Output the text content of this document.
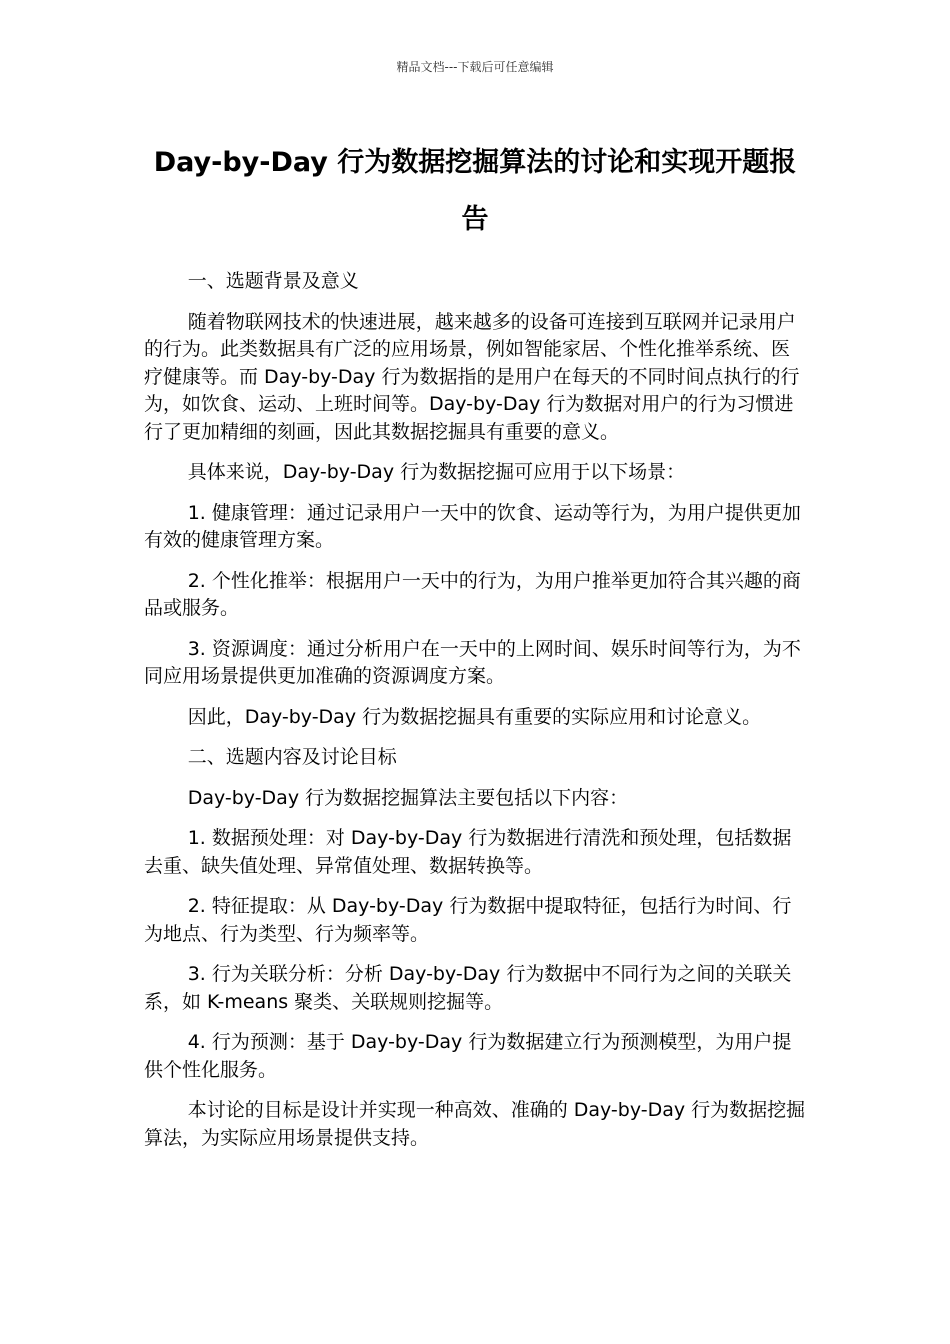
精品文档---下载后可任意编辑
Day-by-Day 行为数据挖掘算法的讨论和实现开题报告

一、选题背景及意义

随着物联网技术的快速进展，越来越多的设备可连接到互联网并记录用户的行为。此类数据具有广泛的应用场景，例如智能家居、个性化推举系统、医疗健康等。而 Day-by-Day 行为数据指的是用户在每天的不同时间点执行的行为，如饮食、运动、上班时间等。Day-by-Day 行为数据对用户的行为习惯进行了更加精细的刻画，因此其数据挖掘具有重要的意义。

具体来说，Day-by-Day 行为数据挖掘可应用于以下场景：

1. 健康管理：通过记录用户一天中的饮食、运动等行为，为用户提供更加有效的健康管理方案。

2. 个性化推举：根据用户一天中的行为，为用户推举更加符合其兴趣的商品或服务。

3. 资源调度：通过分析用户在一天中的上网时间、娱乐时间等行为，为不同应用场景提供更加准确的资源调度方案。

因此，Day-by-Day 行为数据挖掘具有重要的实际应用和讨论意义。

二、选题内容及讨论目标

Day-by-Day 行为数据挖掘算法主要包括以下内容：

1. 数据预处理：对 Day-by-Day 行为数据进行清洗和预处理，包括数据去重、缺失值处理、异常值处理、数据转换等。

2. 特征提取：从 Day-by-Day 行为数据中提取特征，包括行为时间、行为地点、行为类型、行为频率等。

3. 行为关联分析：分析 Day-by-Day 行为数据中不同行为之间的关联关系，如 K-means 聚类、关联规则挖掘等。

4. 行为预测：基于 Day-by-Day 行为数据建立行为预测模型，为用户提供个性化服务。

本讨论的目标是设计并实现一种高效、准确的 Day-by-Day 行为数据挖掘算法，为实际应用场景提供支持。
